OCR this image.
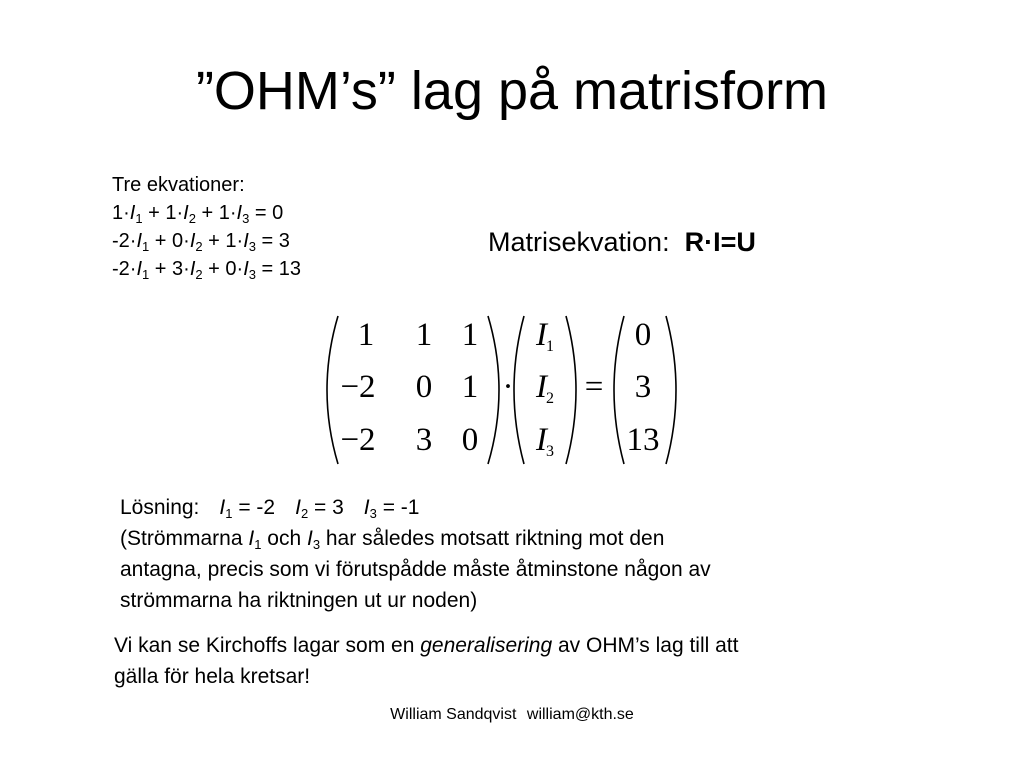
”OHM’s” lag på matrisform
Tre ekvationer:
$1\cdot I_1 + 1\cdot I_2 + 1\cdot I_3 = 0$
$-2\cdot I_1 + 0\cdot I_2 + 1\cdot I_3 = 3$
$-2\cdot I_1 + 3\cdot I_2 + 0\cdot I_3 = 13$
Matrisekvation: R·I=U
1 1 1
−2 0 1
−2 3 0
·
I 1
I 2
I 3
=
0
3
13
Lösning: $I_1 = -2$ $I_2 = 3$ $I_3 = -1$
(Strömmarna $I_1$ och $I_3$ har således motsatt riktning mot den
antagna, precis som vi förutspådde måste åtminstone någon av
strömmarna ha riktningen ut ur noden)
Vi kan se Kirchoffs lagar som en generalisering av OHM’s lag till att
gälla för hela kretsar!
William Sandqvist william@kth.se
